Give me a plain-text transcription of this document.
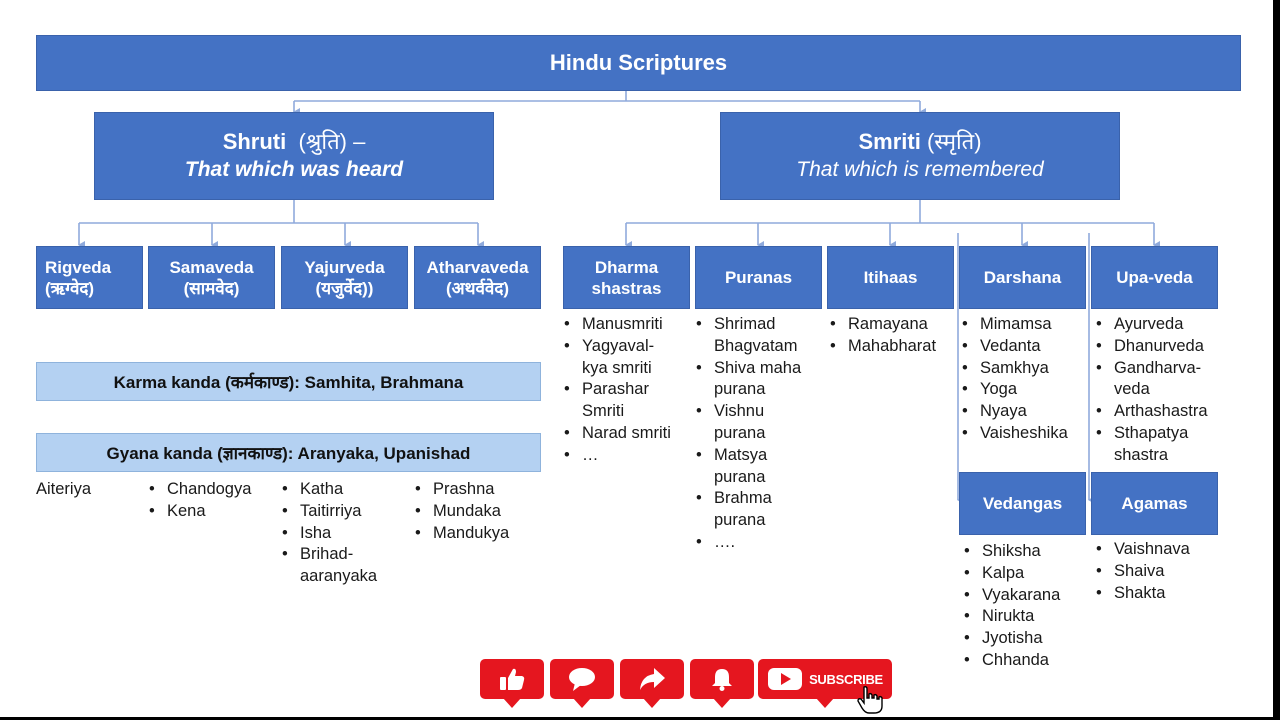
Hindu Scriptures
Shruti (श्रुति) –
That which was heard
Smriti (स्मृति)
That which is remembered
Rigveda
(ऋग्वेद)
Samaveda
(सामवेद)
Yajurveda
(यजुर्वेद))
Atharvaveda
(अथर्ववेद)
Karma kanda (कर्मकाण्ड): Samhita, Brahmana
Gyana kanda (ज्ञानकाण्ड): Aranyaka, Upanishad
Aiteriya
•	Chandogya
• Kena
• Katha
• Taitirriya
• Isha
• Brihad-
aaranyaka
• Prashna
• Mundaka
• Mandukya
Dharma
shastras
Puranas	Itihaas	Darshana	Upa-veda
• Manusmriti
• Yagyaval-
kya smriti
• Parashar
Smriti
• Narad smriti
• …
• Shrimad
Bhagvatam
• Shiva maha
purana
• Vishnu
purana
• Matsya
purana
• Brahma
purana
• ….
• Ramayana
• Mahabharat
• Mimamsa
• Vedanta
• Samkhya
• Yoga
• Nyaya
• Vaisheshika
• Ayurveda
• Dhanurveda
• Gandharva-
veda
• Arthashastra
• Sthapatya
shastra
Vedangas	Agamas
• Shiksha
• Kalpa
• Vyakarana
• Nirukta
• Jyotisha
• Chhanda
• Vaishnava
• Shaiva
• Shakta
SUBSCRIBE
